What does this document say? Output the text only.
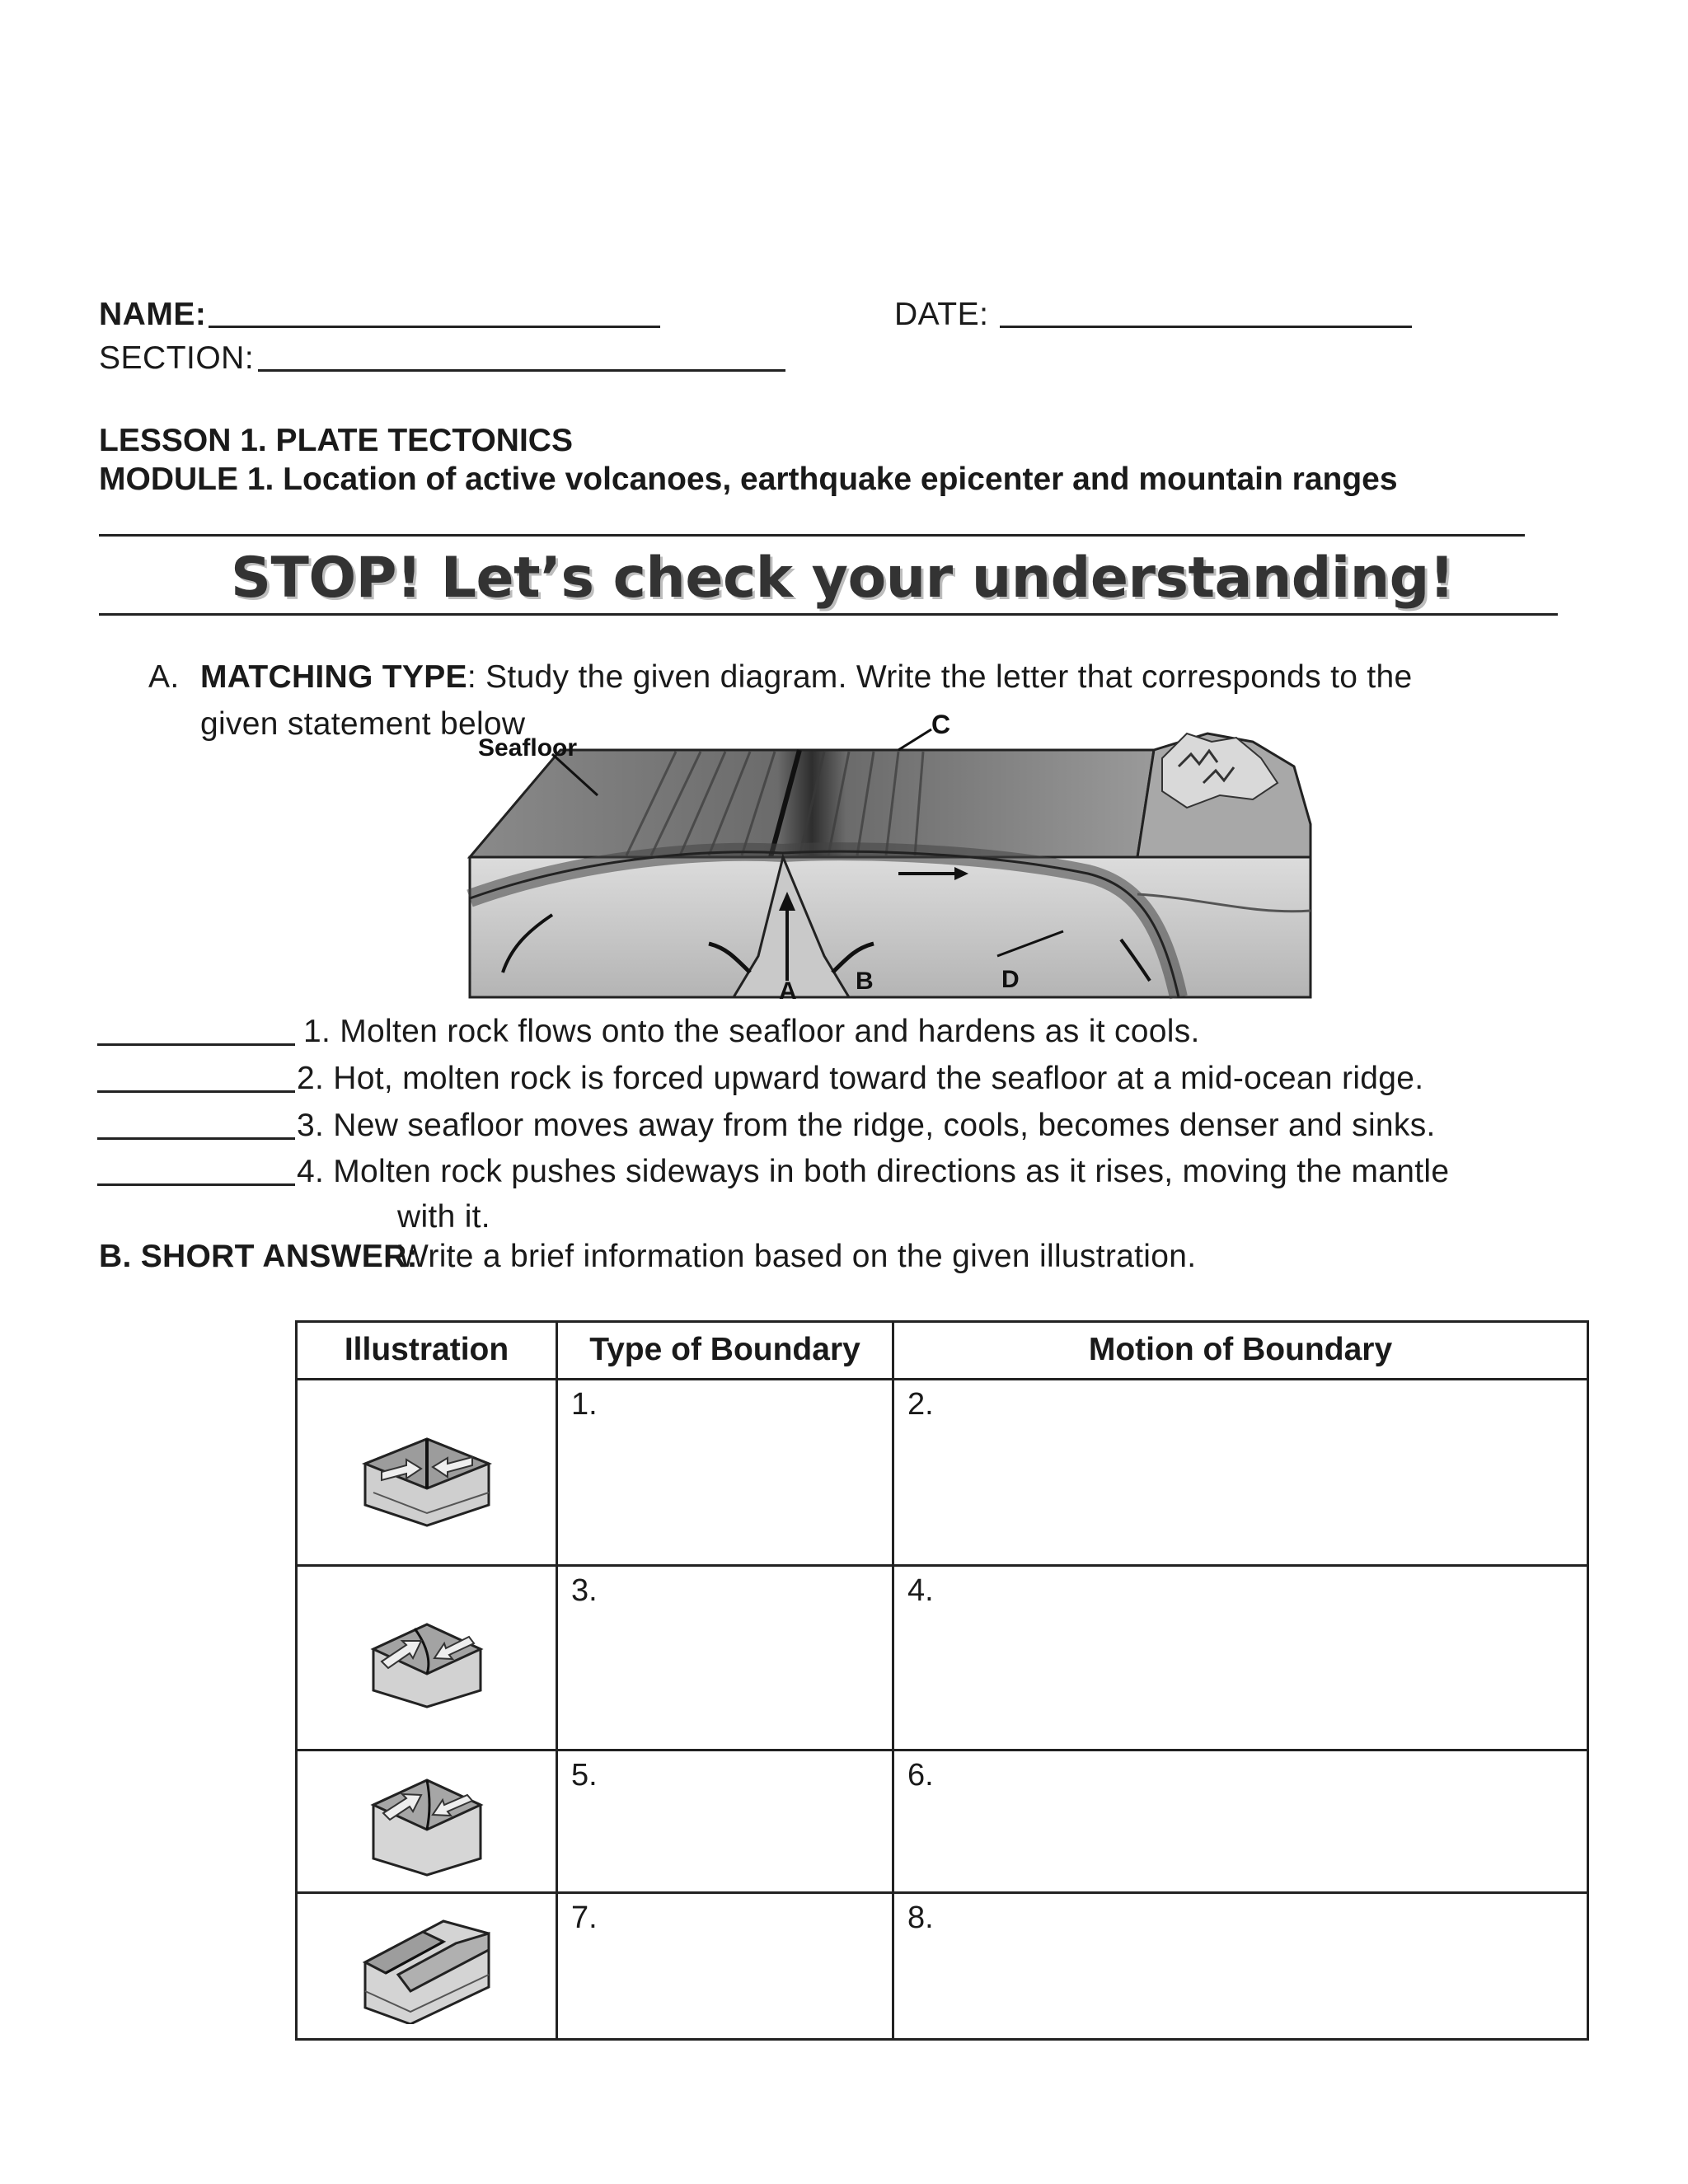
NAME:	DATE:
SECTION:
LESSON 1. PLATE TECTONICS
MODULE 1. Location of active volcanoes, earthquake epicenter and mountain ranges
STOP! Let’s check your understanding!
A. MATCHING TYPE: Study the given diagram. Write the letter that corresponds to the
given statement below
Seafloor
C
A B	D
1. Molten rock flows onto the seafloor and hardens as it cools.
2. Hot, molten rock is forced upward toward the seafloor at a mid-ocean ridge.
3. New seafloor moves away from the ridge, cools, becomes denser and sinks.
4. Molten rock pushes sideways in both directions as it rises, moving the mantle
with it.
B. SHORT ANSWER:
Write a brief information based on the given illustration.
Illustration	Type of Boundary	Motion of Boundary

	1.	2.

	3.	4.

	5.	6.

	7.	8.
